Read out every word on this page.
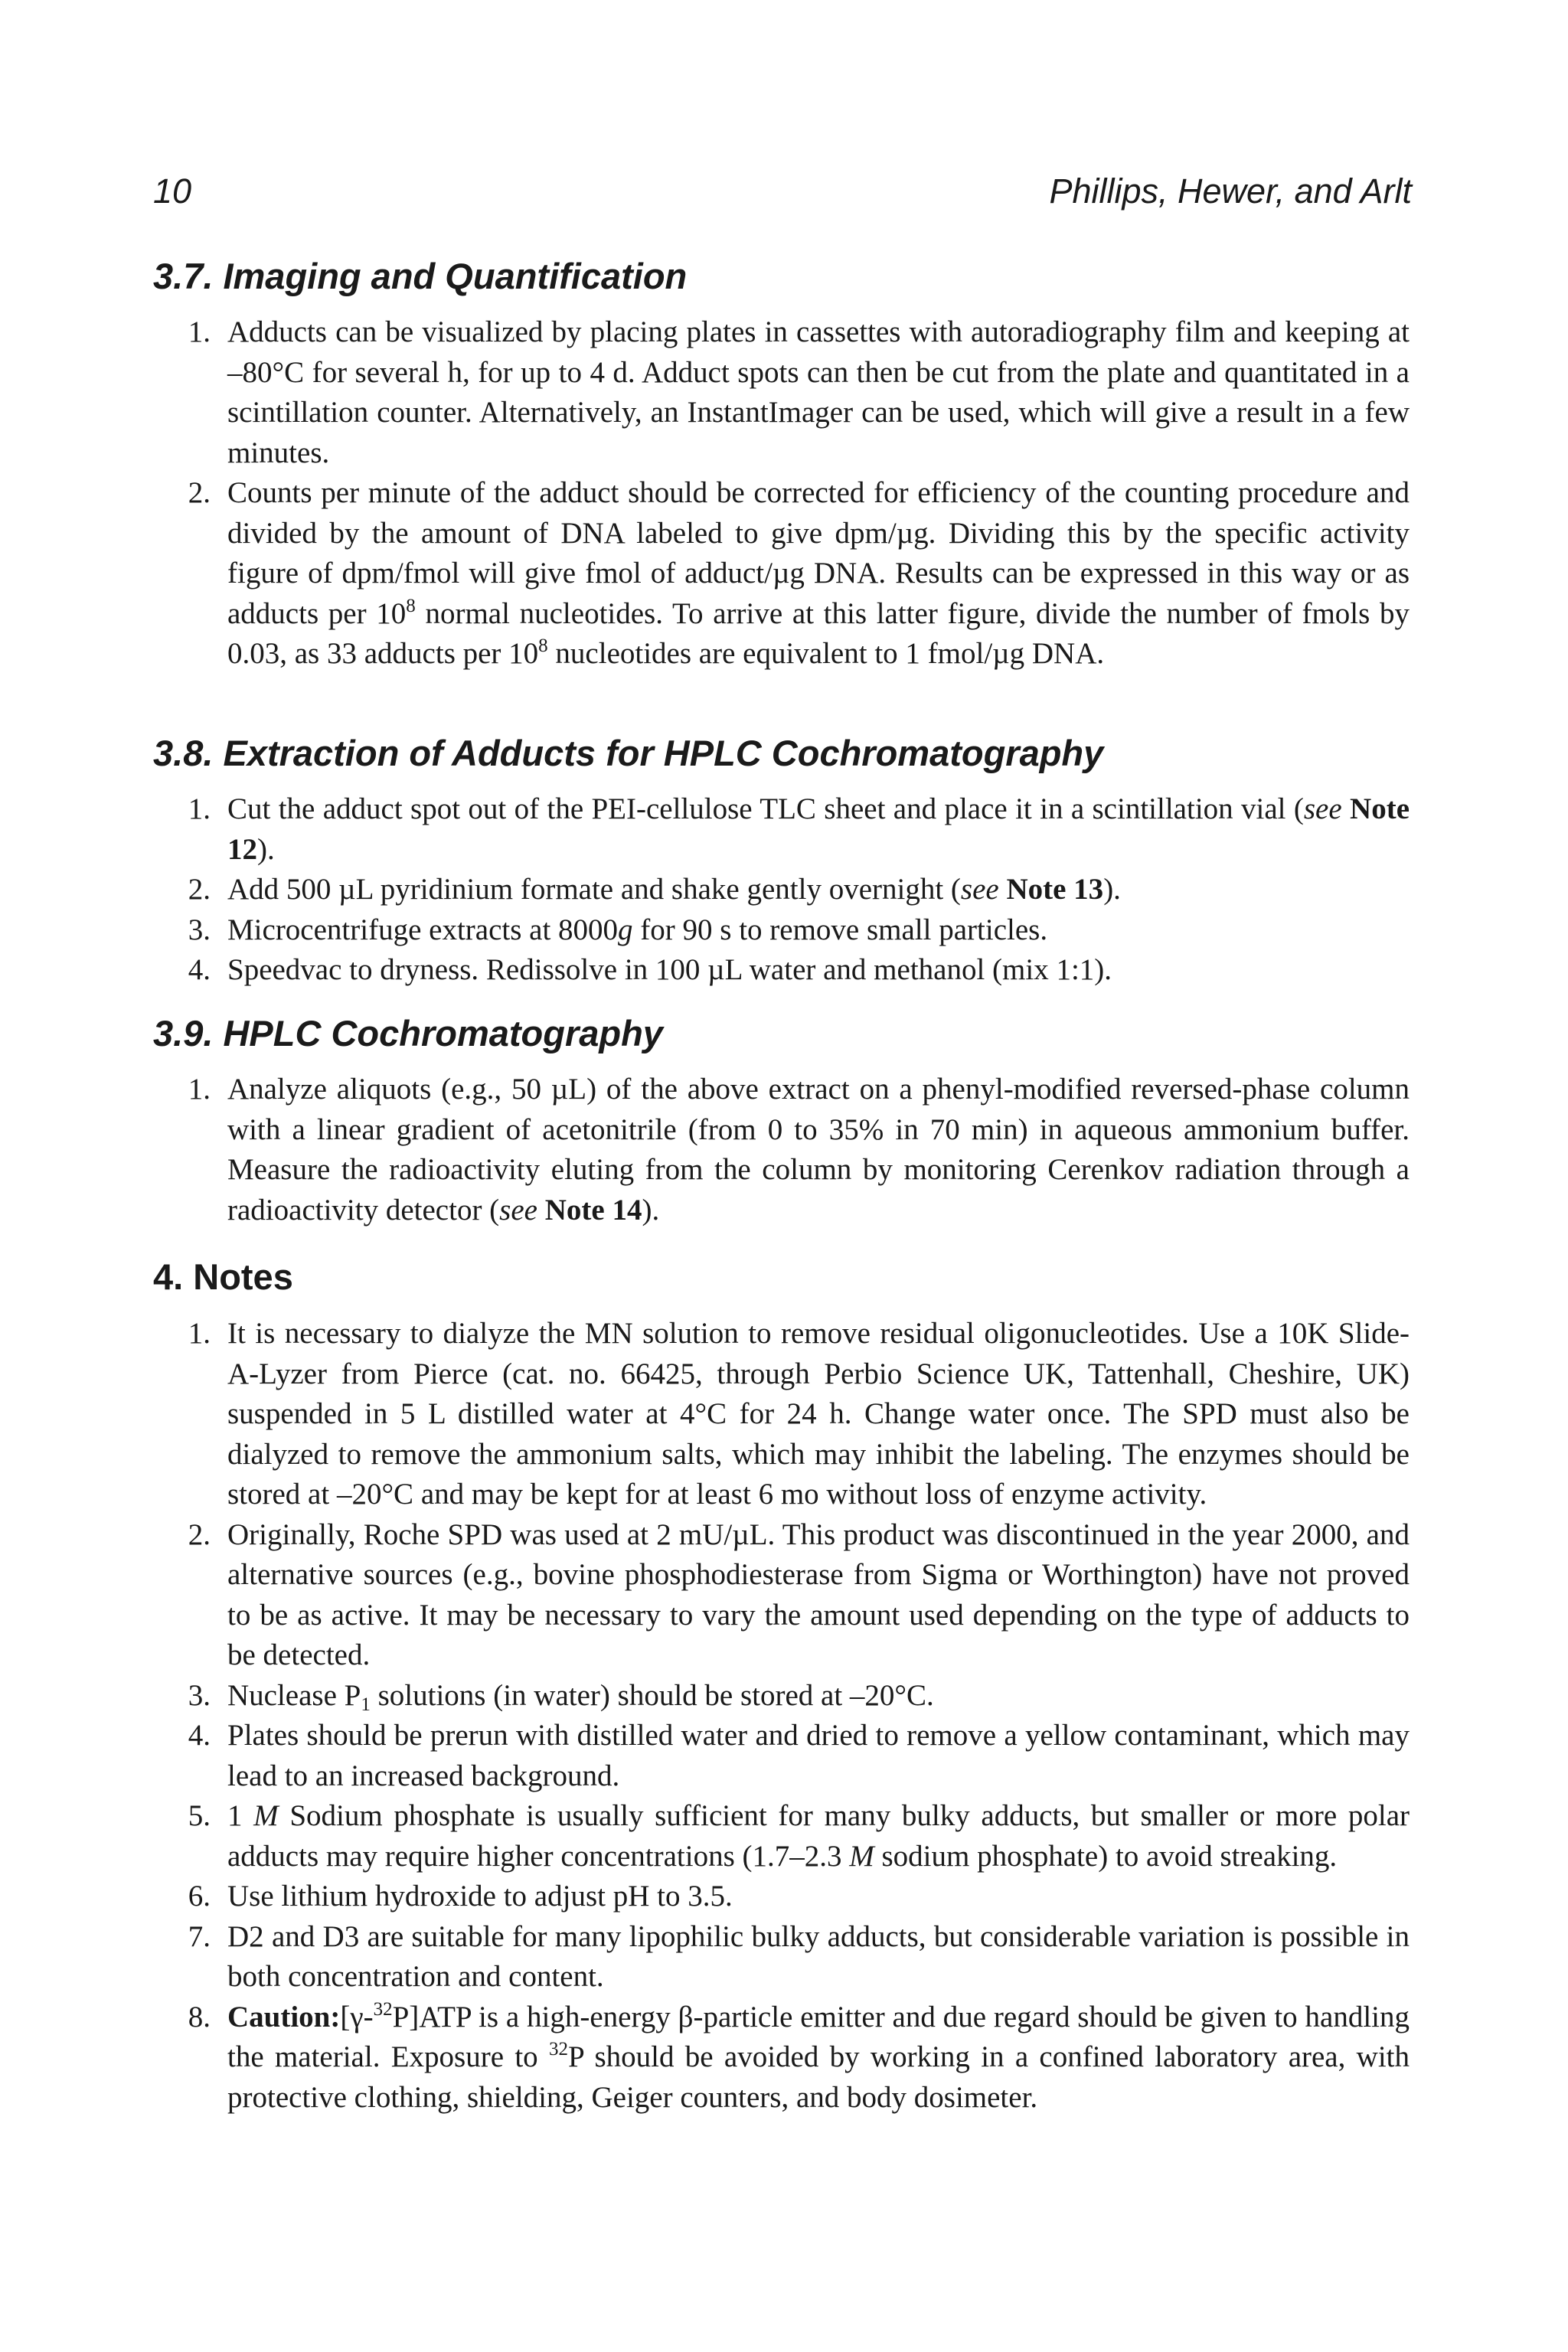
10	Phillips, Hewer, and Arlt
3.7. Imaging and Quantification
1. Adducts can be visualized by placing plates in cassettes with autoradiography film and keeping at –80°C for several h, for up to 4 d. Adduct spots can then be cut from the plate and quantitated in a scintillation counter. Alternatively, an InstantImager can be used, which will give a result in a few minutes.
2. Counts per minute of the adduct should be corrected for efficiency of the counting procedure and divided by the amount of DNA labeled to give dpm/µg. Dividing this by the specific activity figure of dpm/fmol will give fmol of adduct/µg DNA. Results can be expressed in this way or as adducts per $10^8$ normal nucleotides. To arrive at this latter figure, divide the number of fmols by 0.03, as 33 adducts per $10^8$ nucleotides are equivalent to 1 fmol/µg DNA.
3.8. Extraction of Adducts for HPLC Cochromatography
1. Cut the adduct spot out of the PEI-cellulose TLC sheet and place it in a scintillation vial (see Note 12).
2. Add 500 µL pyridinium formate and shake gently overnight (see Note 13).
3. Microcentrifuge extracts at 8000g for 90 s to remove small particles.
4. Speedvac to dryness. Redissolve in 100 µL water and methanol (mix 1:1).
3.9. HPLC Cochromatography
1. Analyze aliquots (e.g., 50 µL) of the above extract on a phenyl-modified reversed-phase column with a linear gradient of acetonitrile (from 0 to 35% in 70 min) in aqueous ammonium buffer. Measure the radioactivity eluting from the column by monitoring Cerenkov radiation through a radioactivity detector (see Note 14).
4. Notes
1. It is necessary to dialyze the MN solution to remove residual oligonucleotides. Use a 10K Slide-A-Lyzer from Pierce (cat. no. 66425, through Perbio Science UK, Tattenhall, Cheshire, UK) suspended in 5 L distilled water at 4°C for 24 h. Change water once. The SPD must also be dialyzed to remove the ammonium salts, which may inhibit the labeling. The enzymes should be stored at –20°C and may be kept for at least 6 mo without loss of enzyme activity.
2. Originally, Roche SPD was used at 2 mU/µL. This product was discontinued in the year 2000, and alternative sources (e.g., bovine phosphodiesterase from Sigma or Worthington) have not proved to be as active. It may be necessary to vary the amount used depending on the type of adducts to be detected.
3. Nuclease $P_1$ solutions (in water) should be stored at –20°C.
4. Plates should be prerun with distilled water and dried to remove a yellow contaminant, which may lead to an increased background.
5. 1 M Sodium phosphate is usually sufficient for many bulky adducts, but smaller or more polar adducts may require higher concentrations (1.7–2.3 M sodium phosphate) to avoid streaking.
6. Use lithium hydroxide to adjust pH to 3.5.
7. D2 and D3 are suitable for many lipophilic bulky adducts, but considerable variation is possible in both concentration and content.
8. Caution:[γ-$^{32}$P]ATP is a high-energy β-particle emitter and due regard should be given to handling the material. Exposure to $^{32}$P should be avoided by working in a confined laboratory area, with protective clothing, shielding, Geiger counters, and body dosimeter.
